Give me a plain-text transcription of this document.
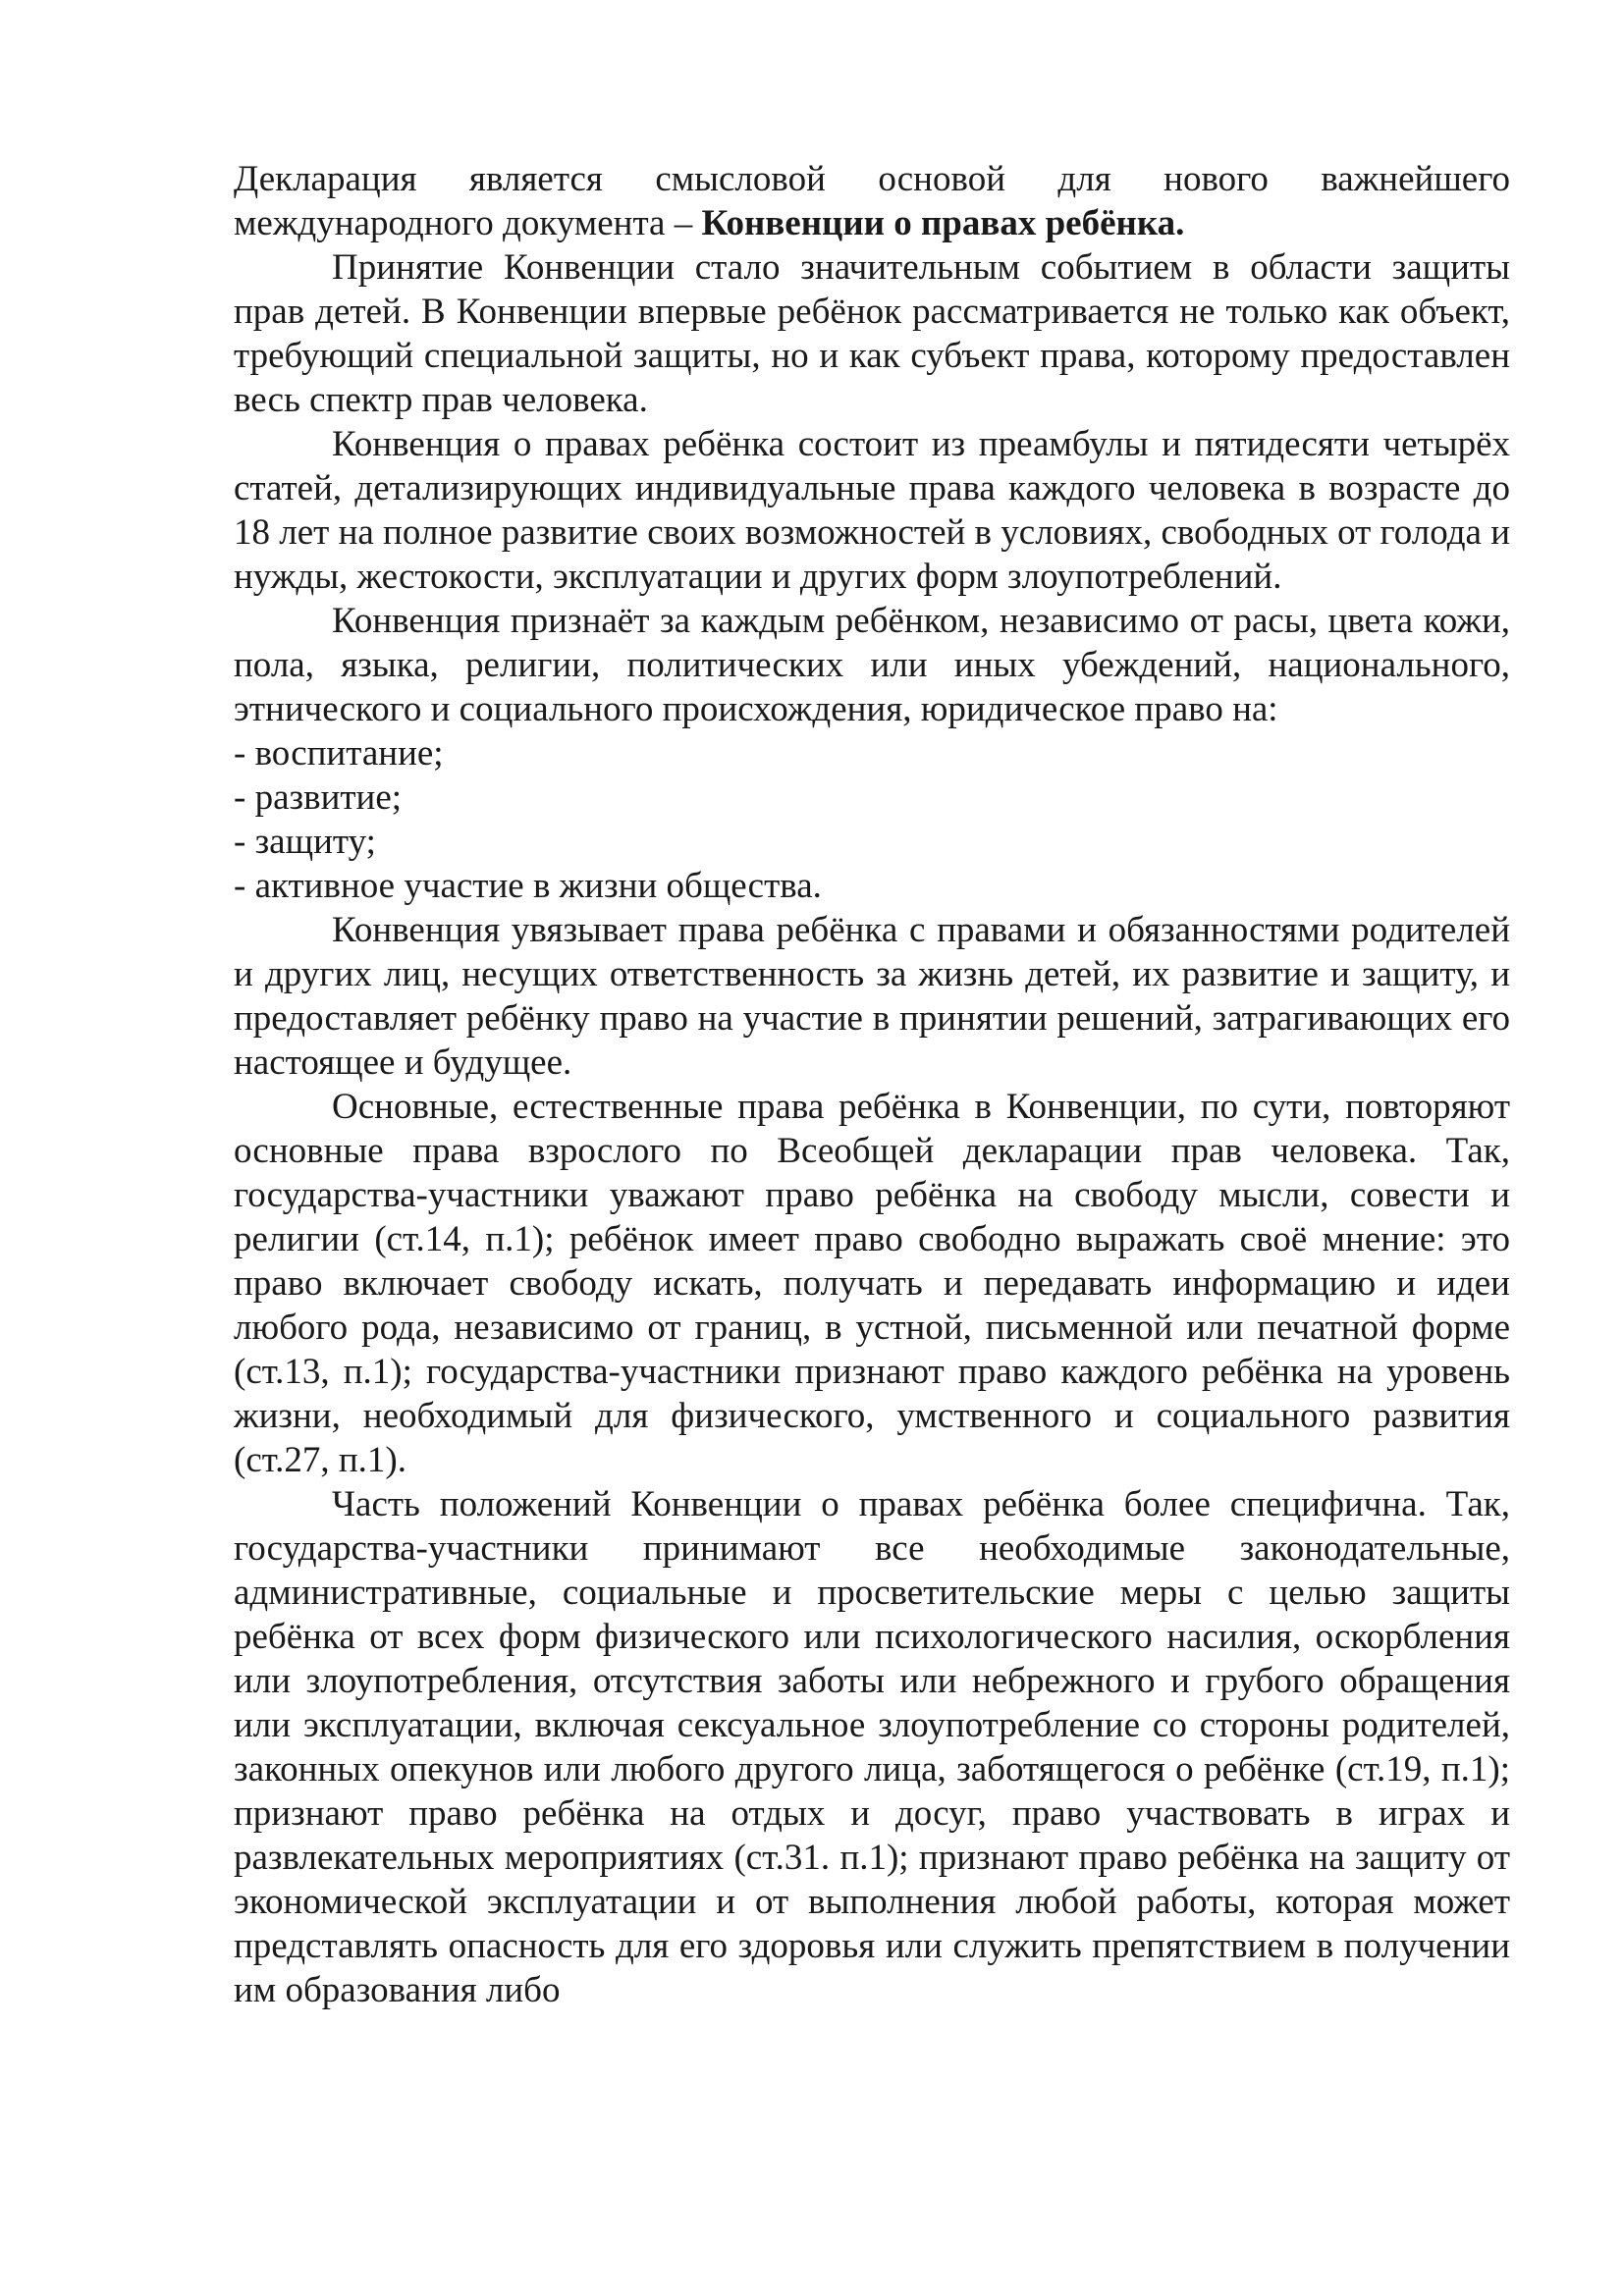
Декларация является смысловой основой для нового важнейшего международного документа – Конвенции о правах ребёнка.

Принятие Конвенции стало значительным событием в области защиты прав детей. В Конвенции впервые ребёнок рассматривается не только как объект, требующий специальной защиты, но и как субъект права, которому предоставлен весь спектр прав человека.

Конвенция о правах ребёнка состоит из преамбулы и пятидесяти четырёх статей, детализирующих индивидуальные права каждого человека в возрасте до 18 лет на полное развитие своих возможностей в условиях, свободных от голода и нужды, жестокости, эксплуатации и других форм злоупотреблений.

Конвенция признаёт за каждым ребёнком, независимо от расы, цвета кожи, пола, языка, религии, политических или иных убеждений, национального, этнического и социального происхождения, юридическое право на:

- воспитание;

- развитие;

- защиту;

- активное участие в жизни общества.

Конвенция увязывает права ребёнка с правами и обязанностями родителей и других лиц, несущих ответственность за жизнь детей, их развитие и защиту, и предоставляет ребёнку право на участие в принятии решений, затрагивающих его настоящее и будущее.

Основные, естественные права ребёнка в Конвенции, по сути, повторяют основные права взрослого по Всеобщей декларации прав человека. Так, государства-участники уважают право ребёнка на свободу мысли, совести и религии (ст.14, п.1); ребёнок имеет право свободно выражать своё мнение: это право включает свободу искать, получать и передавать информацию и идеи любого рода, независимо от границ, в устной, письменной или печатной форме (ст.13, п.1); государства-участники признают право каждого ребёнка на уровень жизни, необходимый для физического, умственного и социального развития (ст.27, п.1).

Часть положений Конвенции о правах ребёнка более специфична. Так, государства-участники принимают все необходимые законодательные, административные, социальные и просветительские меры с целью защиты ребёнка от всех форм физического или психологического насилия, оскорбления или злоупотребления, отсутствия заботы или небрежного и грубого обращения или эксплуатации, включая сексуальное злоупотребление со стороны родителей, законных опекунов или любого другого лица, заботящегося о ребёнке (ст.19, п.1); признают право ребёнка на отдых и досуг, право участвовать в играх и развлекательных мероприятиях (ст.31. п.1); признают право ребёнка на защиту от экономической эксплуатации и от выполнения любой работы, которая может представлять опасность для его здоровья или служить препятствием в получении им образования либо
